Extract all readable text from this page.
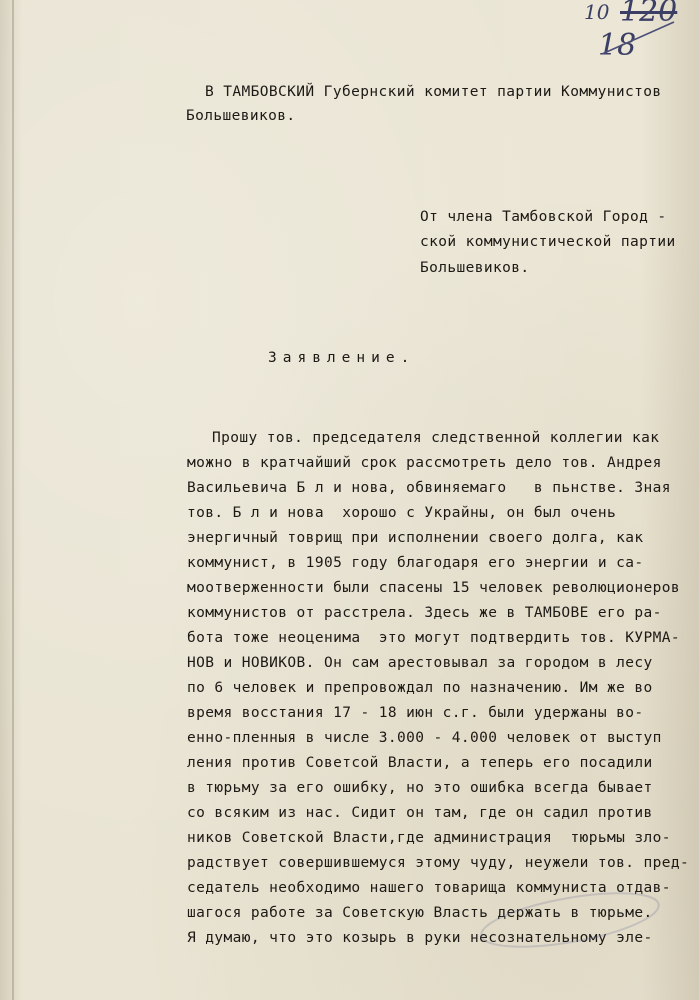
10 120
18
В ТАМБОВСКИЙ Губернский комитет партии Коммунистов
Большевиков.
От члена Тамбовской Город -
ской коммунистической партии
Большевиков.
Заявление.
Прошу тов. председателя следственной коллегии как
можно в кратчайший срок рассмотреть дело тов. Андрея
Васильевича Б л и нова, обвиняемаго   в пьнстве. Зная
тов. Б л и нова  хорошо с Украйны, он был очень
энергичный товрищ при исполнении своего долга, как
коммунист, в 1905 году благодаря его энергии и са-
моотверженности были спасены 15 человек революционеров
коммунистов от расстрела. Здесь же в ТАМБОВЕ его ра-
бота тоже неоценима  это могут подтвердить тов. КУРМА-
НОВ и НОВИКОВ. Он сам арестовывал за городом в лесу
по 6 человек и препровождал по назначению. Им же во
время восстания 17 - 18 июн с.г. были удержаны во-
енно-пленныя в числе 3.000 - 4.000 человек от выступ
ления против Советсой Власти, а теперь его посадили
в тюрьму за его ошибку, но это ошибка всегда бывает
со всяким из нас. Сидит он там, где он садил против
ников Советской Власти,где администрация  тюрьмы зло-
радствует совершившемуся этому чуду, неужели тов. пред-
седатель необходимо нашего товарища коммуниста отдав-
шагося работе за Советскую Власть держать в тюрьме.
Я думаю, что это козырь в руки несознательному эле-
